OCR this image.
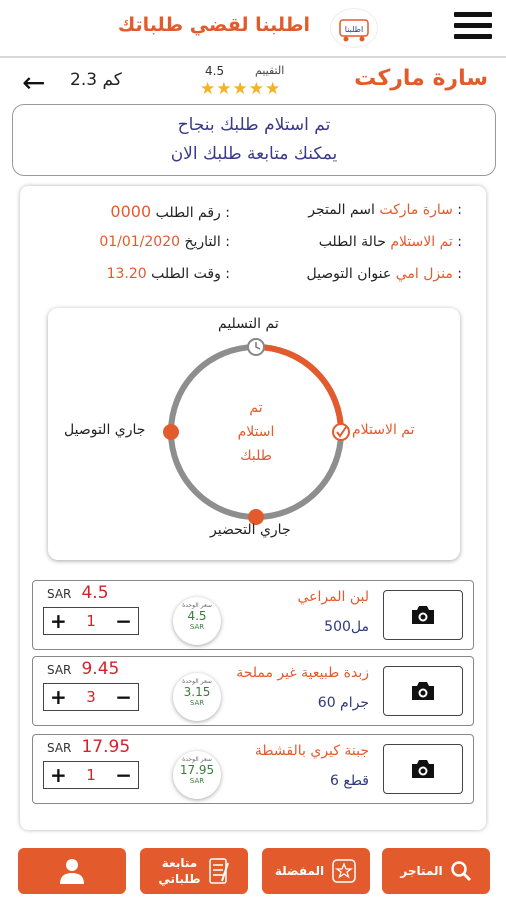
اطلبنا
اطلبنا لقضي طلباتك
سارة ماركت
التقييم
4.5
★★★★★
2.3 كم
←
تم استلام طلبك بنجاح
يمكنك متابعة طلبك الان
سارة ماركت اسم المتجر :
تم الاستلام حالة الطلب :
منزل امي عنوان التوصيل :
0000 رقم الطلب :
01/01/2020 التاريخ :
13.20 وقت الطلب :
تم التسليم
تم الاستلام
جاري التوصيل
جاري التحضير
تم
استلام
طلبك
لبن المراعي
مل500
سعر الوحدة
4.5
SAR
SAR 4.5
+ 1 −
زبدة طبيعية غير مملحة
جرام 60
سعر الوحدة
3.15
SAR
SAR 9.45
+ 3 −
جبنة كيري بالقشطة
قطع 6
سعر الوحدة
17.95
SAR
SAR 17.95
+ 1 −
المتاجر
المفضلة
متابعة
طلباتي
